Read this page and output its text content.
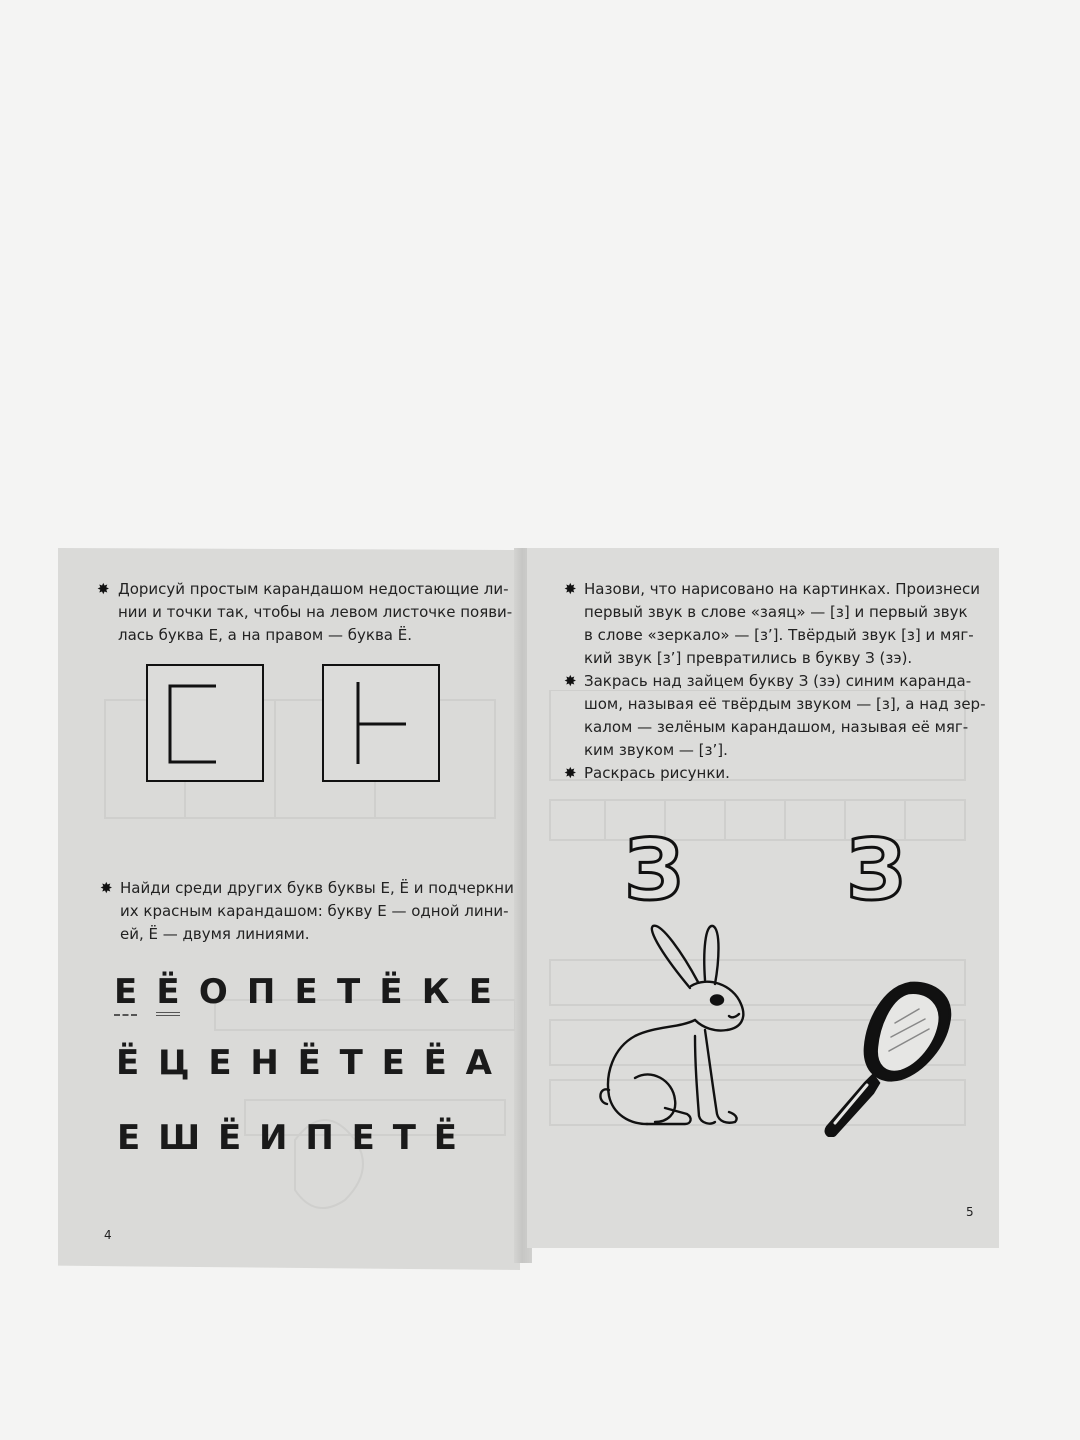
✸ Дорисуй простым карандашом недостающие ли-
нии и точки так, чтобы на левом листочке появи-
лась буква Е, а на правом — буква Ё.
✸ Найди среди других букв буквы Е, Ё и подчеркни
их красным карандашом: букву Е — одной лини-
ей, Ё — двумя линиями.
Е Ё О П Е Т Ё К Е
Ё Ц Е Н Ё Т Е Ё А
Е Ш Ё И П Е Т Ё
4
✸ Назови, что нарисовано на картинках. Произнеси
первый звук в слове «заяц» — [з] и первый звук
в слове «зеркало» — [з’]. Твёрдый звук [з] и мяг-
кий звук [з’] превратились в букву З (зэ).
✸ Закрась над зайцем букву З (зэ) синим каранда-
шом, называя её твёрдым звуком — [з], а над зер-
калом — зелёным карандашом, называя её мяг-
ким звуком — [з’].
✸ Раскрась рисунки.
З З
5
